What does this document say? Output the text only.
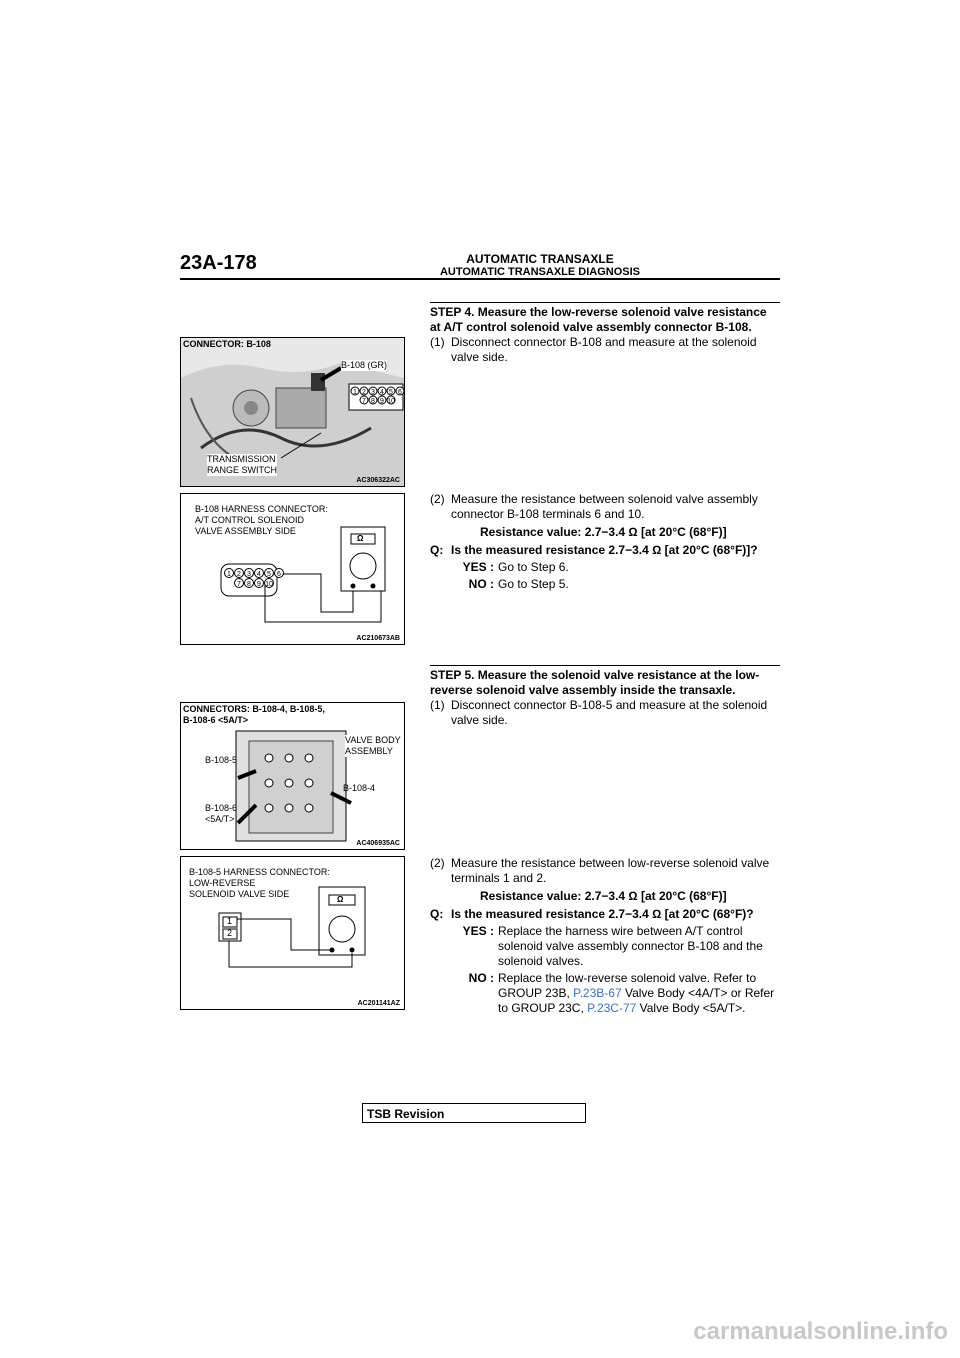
23A-178	AUTOMATIC TRANSAXLE
AUTOMATIC TRANSAXLE DIAGNOSIS
1 2 3 4 5 6
7 8 9 10
CONNECTOR: B-108
B-108 (GR)
TRANSMISSION
RANGE SWITCH
AC306322AC
1 2 3 4 5 6
7 8 9 10
B-108 HARNESS CONNECTOR:
A/T CONTROL SOLENOID
VALVE ASSEMBLY SIDE
Ω
AC210673AB
STEP 4. Measure the low-reverse solenoid valve resistance at A/T control solenoid valve assembly connector B-108.
(1) Disconnect connector B-108 and measure at the solenoid valve side.
(2) Measure the resistance between solenoid valve assembly connector B-108 terminals 6 and 10.
Resistance value: 2.7−3.4 Ω [at 20°C (68°F)]
Q: Is the measured resistance 2.7−3.4 Ω [at 20°C (68°F)]?
YES : Go to Step 6.
NO : Go to Step 5.
CONNECTORS: B-108-4, B-108-5,
B-108-6 <5A/T>
VALVE BODY
ASSEMBLY
B-108-5
B-108-4
B-108-6
<5A/T>
AC406935AC
B-108-5 HARNESS CONNECTOR:
LOW-REVERSE
SOLENOID VALVE SIDE
Ω
1
2
AC201141AZ
STEP 5. Measure the solenoid valve resistance at the low-reverse solenoid valve assembly inside the transaxle.
(1) Disconnect connector B-108-5 and measure at the solenoid valve side.
(2) Measure the resistance between low-reverse solenoid valve terminals 1 and 2.
Resistance value: 2.7−3.4 Ω [at 20°C (68°F)]
Q: Is the measured resistance 2.7−3.4 Ω [at 20°C (68°F)?
YES : Replace the harness wire between A/T control solenoid valve assembly connector B-108 and the solenoid valves.
NO : Replace the low-reverse solenoid valve. Refer to GROUP 23B, P.23B-67 Valve Body <4A/T> or Refer to GROUP 23C, P.23C-77 Valve Body <5A/T>.
TSB Revision
carmanualsonline.info
